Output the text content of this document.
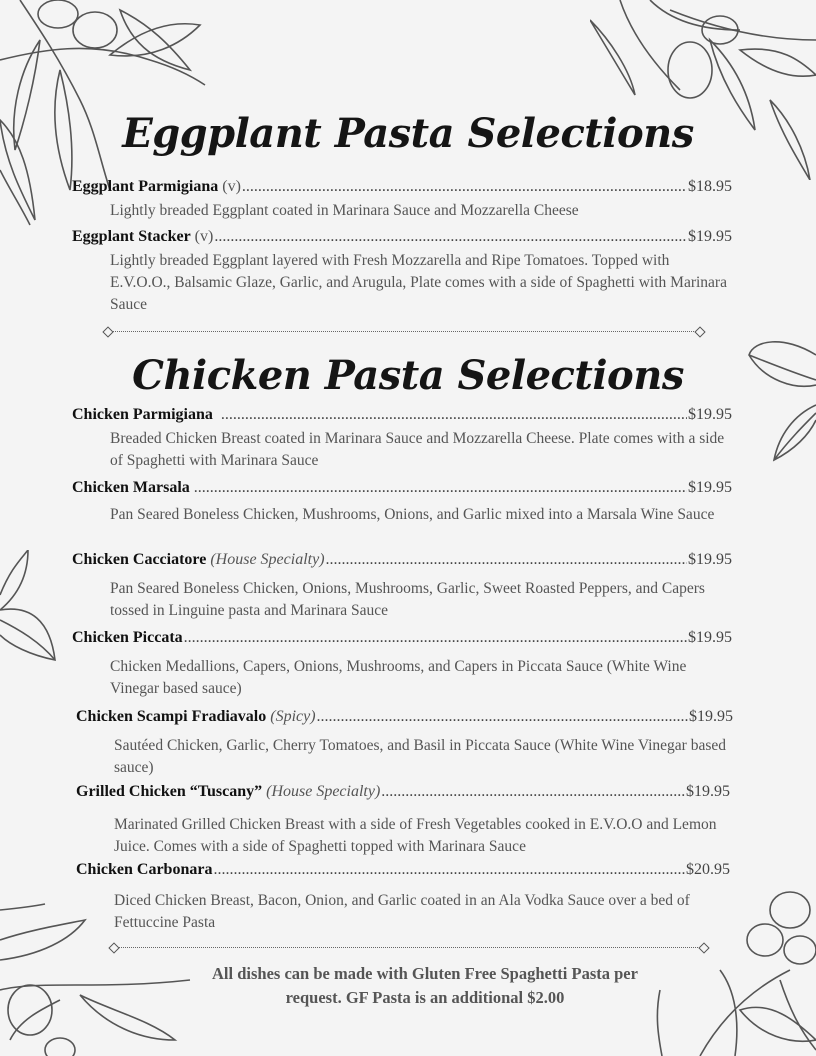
Eggplant Pasta Selections
Eggplant Parmigiana (v) .....	$18.95
Lightly breaded Eggplant coated in Marinara Sauce and Mozzarella Cheese
Eggplant Stacker (v) .....	$19.95
Lightly breaded Eggplant layered with Fresh Mozzarella and Ripe Tomatoes. Topped with E.V.O.O., Balsamic Glaze, Garlic, and Arugula, Plate comes with a side of Spaghetti with Marinara Sauce
Chicken Pasta Selections
Chicken Parmigiana .....	$19.95
Breaded Chicken Breast coated in Marinara Sauce and Mozzarella Cheese. Plate comes with a side of Spaghetti with Marinara Sauce
Chicken Marsala .....	$19.95
Pan Seared Boneless Chicken, Mushrooms, Onions, and Garlic mixed into a Marsala Wine Sauce
Chicken Cacciatore (House Specialty) .....	$19.95
Pan Seared Boneless Chicken, Onions, Mushrooms, Garlic, Sweet Roasted Peppers, and Capers tossed in Linguine pasta and Marinara Sauce
Chicken Piccata .....	$19.95
Chicken Medallions, Capers, Onions, Mushrooms, and Capers in Piccata Sauce (White Wine Vinegar based sauce)
Chicken Scampi Fradiavalo (Spicy) .....	$19.95
Sautéed Chicken, Garlic, Cherry Tomatoes, and Basil in Piccata Sauce (White Wine Vinegar based sauce)
Grilled Chicken “Tuscany” (House Specialty) .....	$19.95
Marinated Grilled Chicken Breast with a side of Fresh Vegetables cooked in E.V.O.O and Lemon Juice. Comes with a side of Spaghetti topped with Marinara Sauce
Chicken Carbonara .....	$20.95
Diced Chicken Breast, Bacon, Onion, and Garlic coated in an Ala Vodka Sauce over a bed of Fettuccine Pasta
All dishes can be made with Gluten Free Spaghetti Pasta per
request. GF Pasta is an additional $2.00
